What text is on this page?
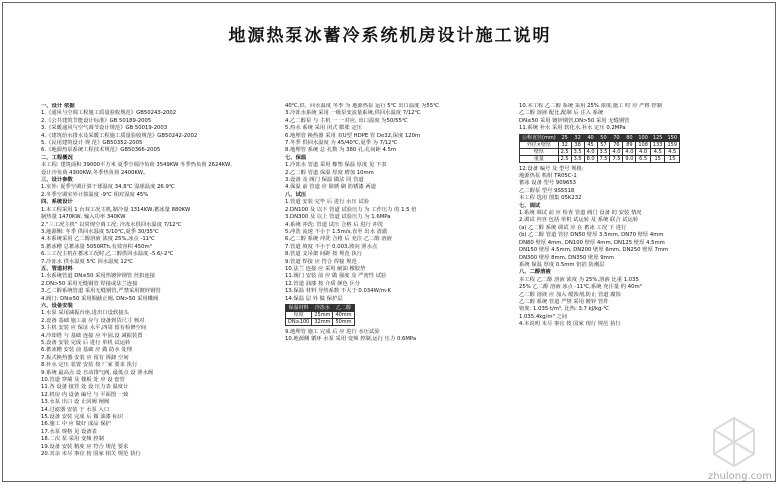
地源热泵冰蓄冷系统机房设计施工说明

一、设计 依据

1.《通风与空调工程施工质量验收规范》GB50243-2002

2.《公共建筑节能设计标准》GB 50189-2005

3.《采暖通风与空气调节设计规范》GB 50019-2003

4.《建筑给水排水及采暖工程施工质量验收规范》GB50242-2002

5.《民用建筑设计 规 范》GB50352-2005

6.《地源热泵系统工程技术规范》GB50366-2005

二、工程概况

本工程: 建筑面积 39000平方米 夏季空调冷负荷 3549KW 冬季热负荷 2624KW,

设计冷负荷 4300KW,冬季热负荷 2400KW。

三、设计参数

1.室外: 夏季空调计算干球温度 34.8℃ 湿球温度 26.9℃

2.冬季空调室外计算温度 -9℃ 相对湿度 45%

四、系统设计

1.本工程采用 1 台双工况主机,制冷量 1314KW,蓄冰量 880KW

制热量 1470KW, 输入功率 340KW

2."三工况主机" 以常规空调工况: 冷冻水供回水温度 7/12℃

3.地源侧: 冬季 供回水温度 5/10℃,夏季 30/35℃

4.本系统采用 乙二醇溶液 浓度 25%,冰点 -11℃

5.蓄冰槽 总蓄冰量 5050RTh,有效容积 450m³

6.三工况主机在蓄冰工况时,乙二醇供回水温度 -5.6/-2℃

7.冷冻水 供水温度 5℃ 回水温度 12℃

五、管道材料

1.水系统管道 DN≤50 采用热镀锌钢管 丝扣连接

2.DN>50 采用无缝钢管 焊接或法兰连接

3.乙二醇系统管道 采用无缝钢管,严禁采用镀锌钢管

4.阀门: DN≤50 采用铜截止阀, DN>50 采用蝶阀

六、设备安装

1.水泵 采用减振台座,进出口设软接头

2.设备 基础 施工前 应与 设备到货尺寸 核对

3.主机 安装 应 保证 水平,四周 留有检修空间

4.冷却塔 与 基础 连接 应 牢固,设 减振装置

5.设备 安装 完成 后 进行 单机 试运转

6.蓄冰槽 安装 前 基础 应 做 防水 处理

7.板式换热器 安装 应 留有 拆卸 空间

8.补水 定压 装置 安装 按 厂家 要求 执行

9.系统 最高点 设 自动排气阀, 最低点 设 泄水阀

10.管道 穿墙 及 楼板 处 应 设 套管

11.各 设备 接管 处 设 压力表 温度计

12.机房 内 设备 编号 与 平面图 一致

13.水泵 出口 设 止回阀 闸阀

14.过滤器 安装 于 水泵 入口

15.设备 安装 完成 后 做 油漆 标识

16.施工 中 应 做好 成品 保护

17.水泵 规格 见 设备表

18.二次 泵 采用 变频 控制

19.设备 安装 精度 应 符合 规范 要求

20.其余 未尽 事宜 按 国家 相关 规范 执行

40℃,供、回水温度 冬季 为 地源热泵 运行 5℃ 出口温度 为55℃

3.冷冻水系统 采用 一级泵变流量系统,供回水温度 7/12℃

4.乙二醇泵 与 主机 一 一对应, 出口温度 为50/55℃

5.热水 系统 采用 闭式 膨胀 定压

6.地埋管 换热器 采用 双U型 HDPE 管 De32,深度 120m

7.冬季 供回水温度 为 45/40℃,夏季 为 7/12℃

8.地埋管 系统 总 孔数 为 380 孔,孔间距 4.5m

七、保温

1.冷冻水 管道 采用 橡塑 保温 厚度 见 下表

2.乙二醇 管道 保温 厚度 增加 10mm

3.设备 及 阀门 保温 做法 同 管道

4.保温 前 管道 应 除锈 刷 防锈漆 两道

八、试压

1.管道 安装 完毕 后 进行 水压 试验

2.DN100 及 以下 管道 试验压力 为 工作压力 的 1.5 倍

3.DN300 及 以上 管道 试验压力 为 1.6MPa

4.系统 冲洗: 管道 试压 合格 后 进行 冲洗

5.冲洗 流速 不小于 1.5m/s,直至 出水 清澈

6.乙二醇 系统 冲洗 合格 后 充注 乙二醇 溶液

7.管道 坡度 不小于 0.003,坡向 泄水点

8.管道 支吊架 间距 按 规范 执行

9.管道 焊接 应 符合 焊接 规范

10.法兰 连接 应 采用 耐油 橡胶垫

11.阀门 安装 前 应 做 强度 及 严密性 试验

12.管道 油漆 按 介质 颜色 区分

13.保温 材料 导热系数 不大于 0.034W/m·K

14.保温 层 外 做 保护层

保温材料	冷冻水	乙二醇
厚度	25mm	40mm
DN≥100	32mm	50mm

9.地埋管 施工 完成 后 应 进行 水压试验

10.地源侧 循环 水泵 采用 变频 控制,运行 压力 0.6MPa

10.本工程 乙二醇 系统 采用 25% 浓度,施工 时 应 严格 控制

乙二醇 溶液 配比,配制 后 注入 系统

DN≤50 采用 镀锌钢管,DN>50 采用 无缝钢管

11.系统 补水 采用 软化水,补水 定压 0.2MPa

公称直径(mm)	25	32	40	50	70	80	100	125	150
外径×壁厚	32	38	45	57	76	89	108	133	159
壁厚	2.5	3.5	4.0	3.5	4.0	4.0	4.0	4.5	4.5
重量	2.5	3.5	8.0	7.5	7.5	9.0	6.5	15	15

12.设备 编号 及 型号 规格:

地源热泵 机组 TR05C-1

蓄冰 设备 型号 909653

乙二醇泵 型号 9S5518

本工程 选用 图集 05K232

七、调试

1.系统 调试 前 应 检查 管道 阀门 设备 的 安装 情况

2.调试 内容 包括 单机 试运转 及 系统 联合 试运转

(a) 乙二醇 系统 调试 应 在 蓄冰 工况 下 进行

(b) 乙二醇 管道 管径 DN50 壁厚 3.5mm, DN70 壁厚 4mm

DN80 壁厚 4mm, DN100 壁厚 4mm, DN125 壁厚 4.5mm

DN150 壁厚 4.5mm, DN200 壁厚 6mm, DN250 壁厚 7mm

DN300 壁厚 8mm, DN350 壁厚 9mm

系统 保温 厚度 0.5mm 铝箔 防潮层

八、二醇溶液

本工程 乙二醇 溶液 浓度 为 25%,溶液 比重 1.035

25% 乙二醇 溶液 冰点 -11℃,系统 充注量 约 40m³

乙二醇 溶液 应 加入 缓蚀剂,防止 管道 腐蚀

乙二醇 系统 管道 严禁 采用 镀锌 管件

密度: 1.035 t/m³, 比热: 3.7 kJ/kg·℃

1.035.4kg/m³ 之间

4.本说明 未尽 事宜 按 国家 现行 规范 执行

zhulong.com
